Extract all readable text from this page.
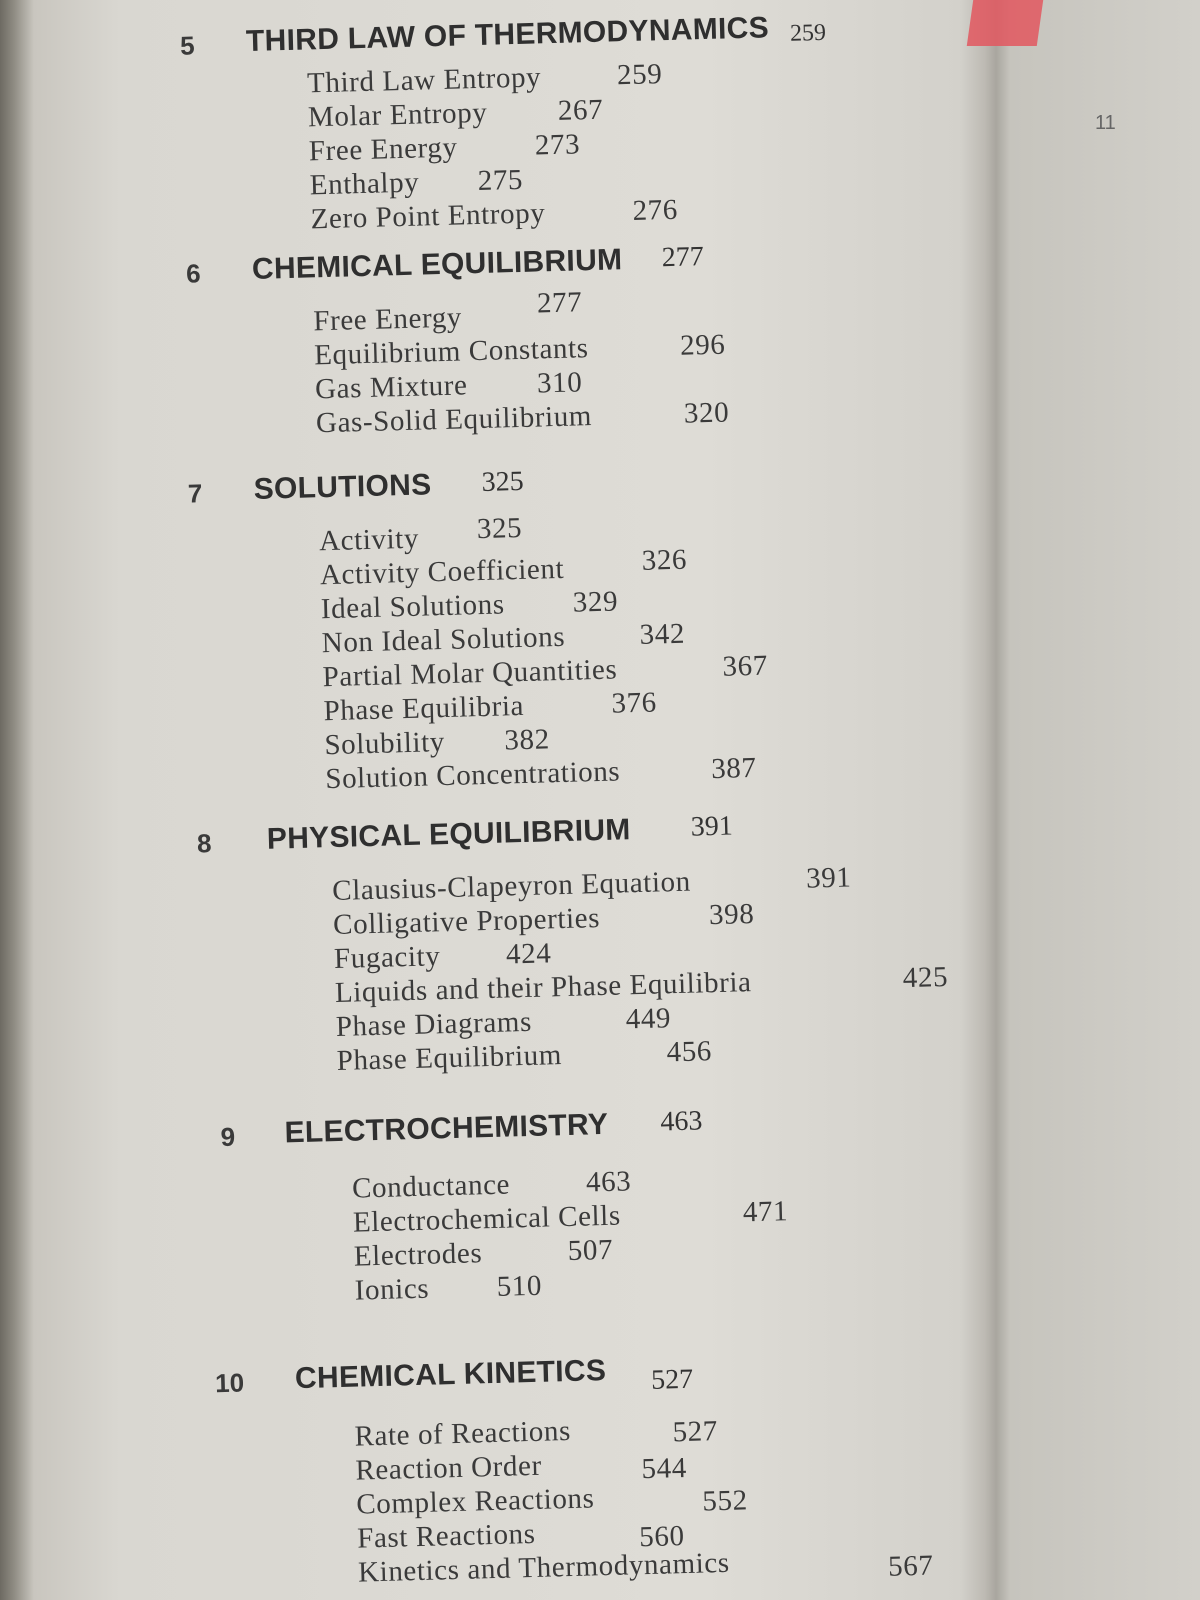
11
5 THIRD LAW OF THERMODYNAMICS 259
Third Law Entropy	259
Molar Entropy 267
Free Energy	273
Enthalpy 275
Zero Point Entropy	276
6 CHEMICAL EQUILIBRIUM 277
Free Energy	277
Equilibrium Constants	296
Gas Mixture 310
Gas-Solid Equilibrium	320
7 SOLUTIONS 325
Activity 325
Activity Coefficient	326
Ideal Solutions 329
Non Ideal Solutions	342
Partial Molar Quantities	367
Phase Equilibria	376
Solubility 382
Solution Concentrations	387
8 PHYSICAL EQUILIBRIUM 391
Clausius-Clapeyron Equation	391
Colligative Properties	398
Fugacity 424
Liquids and their Phase Equilibria	425
Phase Diagrams	449
Phase Equilibrium	456
9 ELECTROCHEMISTRY 463
Conductance	463
Electrochemical Cells	471
Electrodes	507
Ionics 510
10 CHEMICAL KINETICS 527
Rate of Reactions	527
Reaction Order	544
Complex Reactions	552
Fast Reactions	560
Kinetics and Thermodynamics	567
